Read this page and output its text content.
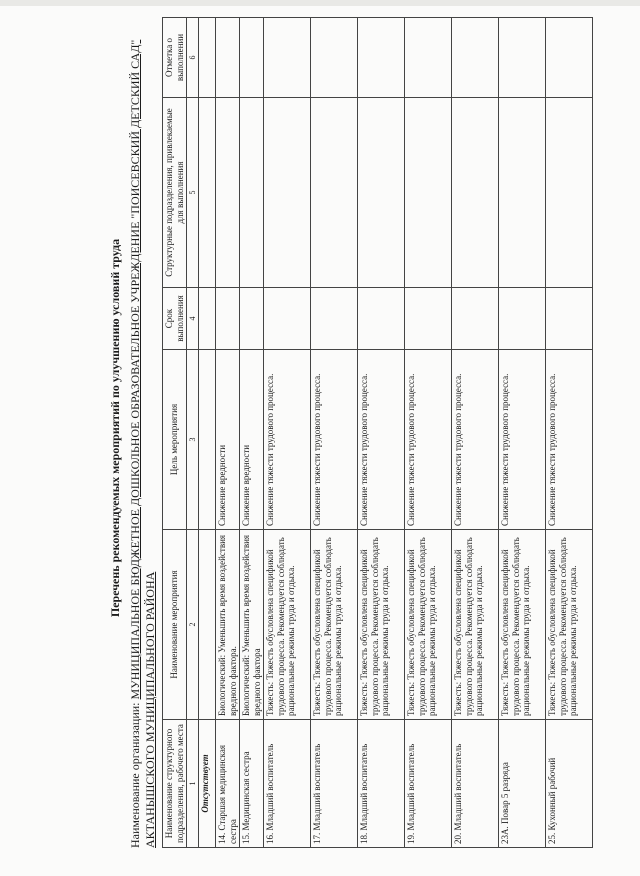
Перечень рекомендуемых мероприятий по улучшению условий труда
Наименование организации: МУНИЦИПАЛЬНОЕ БЮДЖЕТНОЕ ДОШКОЛЬНОЕ ОБРАЗОВАТЕЛЬНОЕ УЧРЕЖДЕНИЕ "ПОИСЕВСКИЙ ДЕТСКИЙ САД" АКТАНЫШСКОГО МУНИЦИПАЛЬНОГО РАЙОНА Наименование структурного подразделения, рабочего места	Наименование мероприятия	Цель мероприятия	Срок выполнения	Структурные подразделения, привлекаемые для выполнения	Отметка о выполнении
1	2	3	4	5	6
Отсутствует					
14. Старшая медицинская сестра	Биологический: Уменьшить время воздействия вредного фактора.	Снижение вредности			
15. Медицинская сестра	Биологический: Уменьшить время воздействия вредного фактора	Снижение вредности			
16. Младший воспитатель	Тяжесть: Тяжесть обусловлена спецификой трудового процесса. Рекомендуется соблюдать рациональные режимы труда и отдыха.	Снижение тяжести трудового процесса.			
17. Младший воспитатель	Тяжесть: Тяжесть обусловлена спецификой трудового процесса. Рекомендуется соблюдать рациональные режимы труда и отдыха.	Снижение тяжести трудового процесса.			
18. Младший воспитатель	Тяжесть: Тяжесть обусловлена спецификой трудового процесса. Рекомендуется соблюдать рациональные режимы труда и отдыха.	Снижение тяжести трудового процесса.			
19. Младший воспитатель	Тяжесть: Тяжесть обусловлена спецификой трудового процесса. Рекомендуется соблюдать рациональные режимы труда и отдыха.	Снижение тяжести трудового процесса.			
20. Младший воспитатель	Тяжесть: Тяжесть обусловлена спецификой трудового процесса. Рекомендуется соблюдать рациональные режимы труда и отдыха.	Снижение тяжести трудового процесса.			
23А. Повар 5 разряда	Тяжесть: Тяжесть обусловлена спецификой трудового процесса. Рекомендуется соблюдать рациональные режимы труда и отдыха.	Снижение тяжести трудового процесса.			
25. Кухонный рабочий	Тяжесть: Тяжесть обусловлена спецификой трудового процесса. Рекомендуется соблюдать рациональные режимы труда и отдыха.	Снижение тяжести трудового процесса.			
